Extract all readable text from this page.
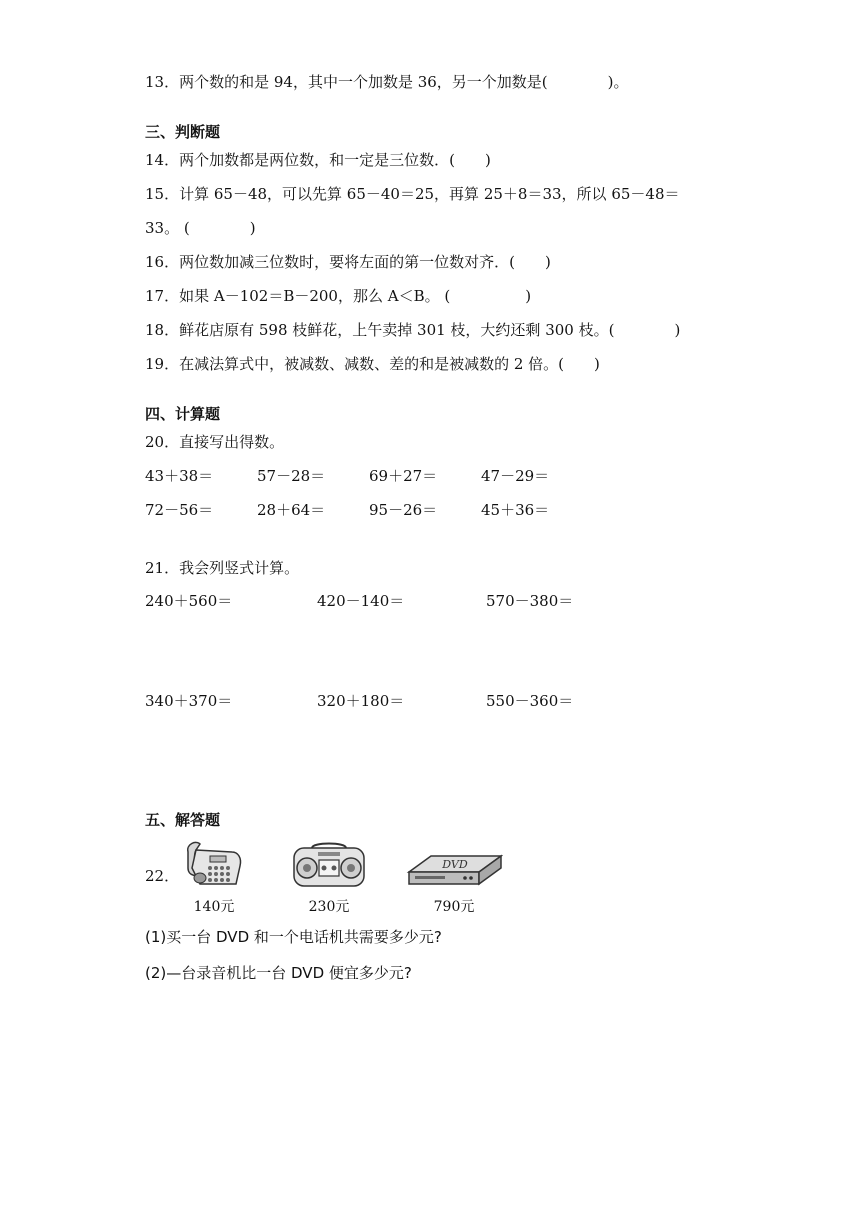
13．两个数的和是 94，其中一个加数是 36，另一个加数是(　　　　)。
三、判断题
14．两个加数都是两位数，和一定是三位数．(　　)
15．计算 65－48，可以先算 65－40＝25，再算 25＋8＝33，所以 65－48＝
33。 (　　　　)
16．两位数加减三位数时，要将左面的第一位数对齐．(　　)
17．如果 A－102＝B－200，那么 A＜B。 (　　　　　)
18．鲜花店原有 598 枝鲜花，上午卖掉 301 枝，大约还剩 300 枝。(　　　　)
19．在减法算式中，被减数、减数、差的和是被减数的 2 倍。(　　)
四、计算题
20．直接写出得数。
43＋38＝	57－28＝	69＋27＝	47－29＝
72－56＝	28＋64＝	95－26＝	45＋36＝
21．我会列竖式计算。
240＋560＝	420－140＝	570－380＝
340＋370＝	320＋180＝	550－360＝
五、解答题
22．
140元	230元
DVD
790元
(1)买一台 DVD 和一个电话机共需要多少元?
(2)—台录音机比一台 DVD 便宜多少元?
